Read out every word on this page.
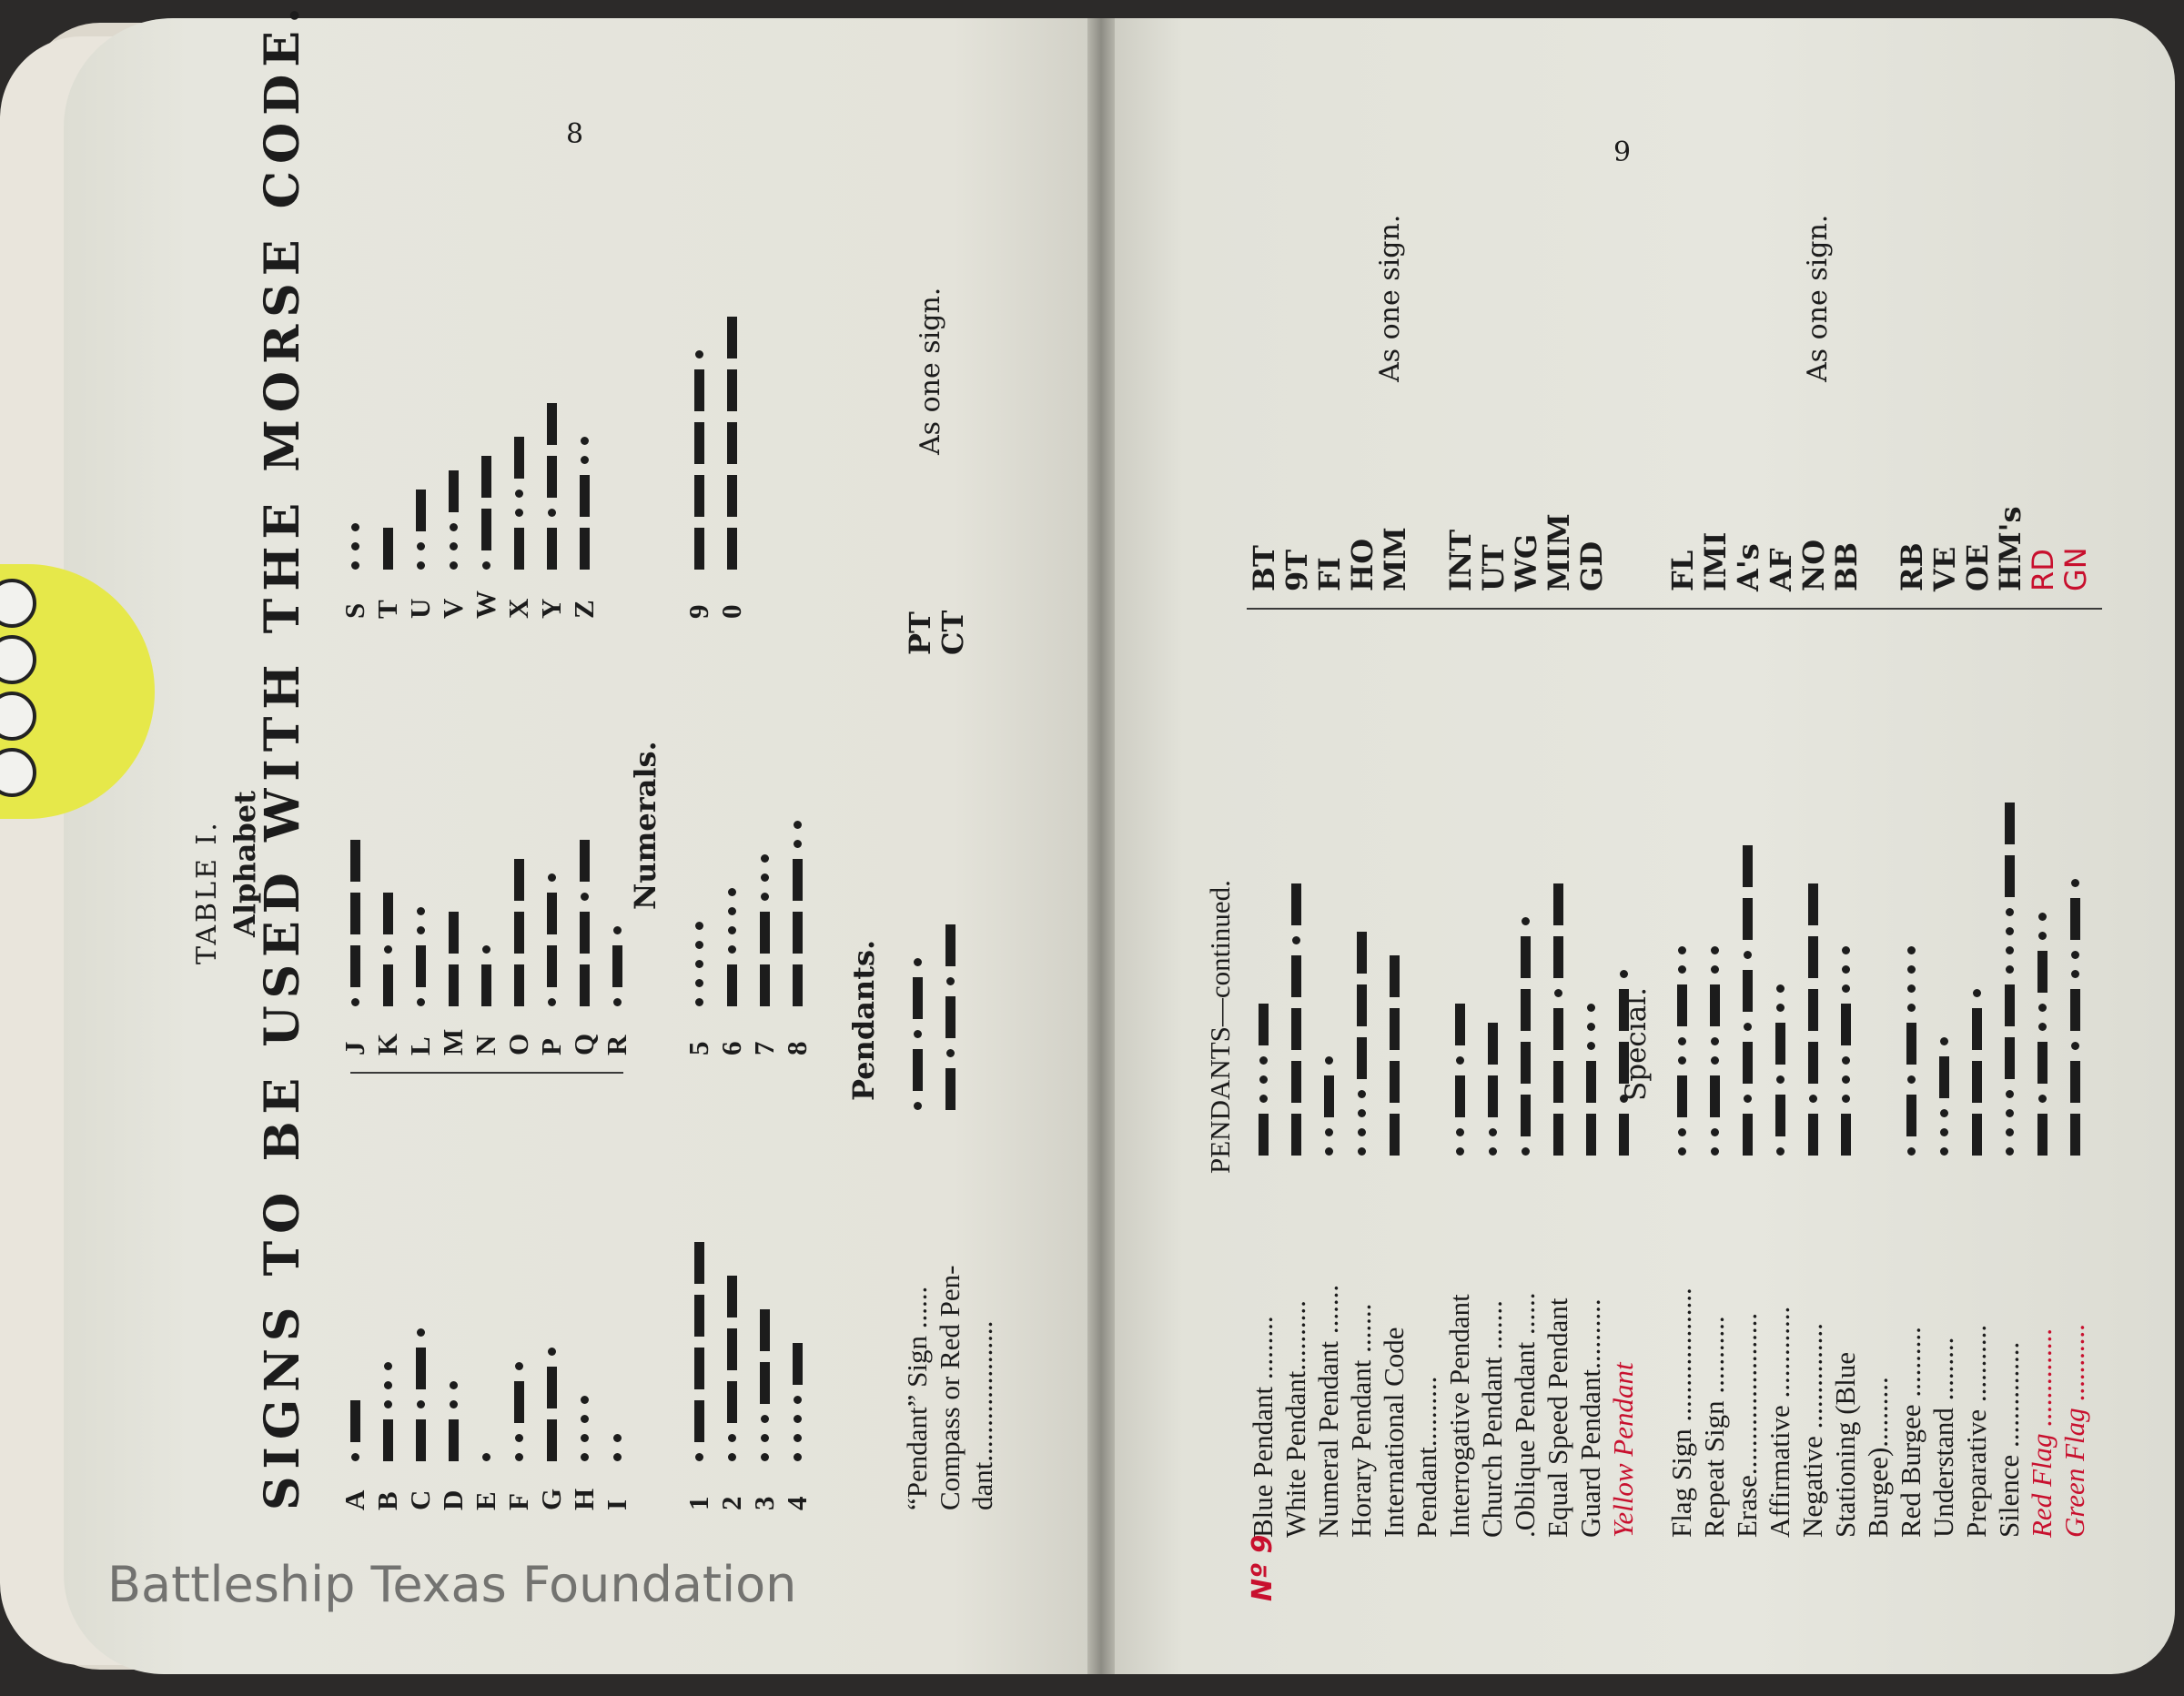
SIGNS TO BE USED WITH THE MORSE CODE.
TABLE I. Alphabet
A B C D E F G H I
J K L M N O P Q R
S T U V W X Y Z
Numerals.
1 2 3 4
5 6 7 8
9 0
Pendants.
“Pendant” Sign ...... Compass or Red Pen- dant....................
As one sign.
PT
CT
8
PENDANTS—continued.
Blue Pendant ......... White Pendant.......... Numeral Pendant ....... Horary Pendant ....... International Code Pendant.......... Interrogative Pendant Church Pendant ....... .Oblique Pendant ...... Equal Speed Pendant Guard Pendant.......... Yellow Pendant
Special.
Flag Sign ................... Repeat Sign ........... Erase....................... Affirmative ............. Negative ............... Stationing (Blue Burgee).......... Red Burgee .......... Understand ......... Preparative ........... Silence ............... Red Flag .............. Green Flag ...........
As one sign.	As one sign.
BT
9T
FI
HO
MM INT
UT
WG
MIM
GD FL
IMI
A's
AF
NO
BB RB
VE
OE
HM's
RD
GN
Nº 9
9
Battleship Texas Foundation
